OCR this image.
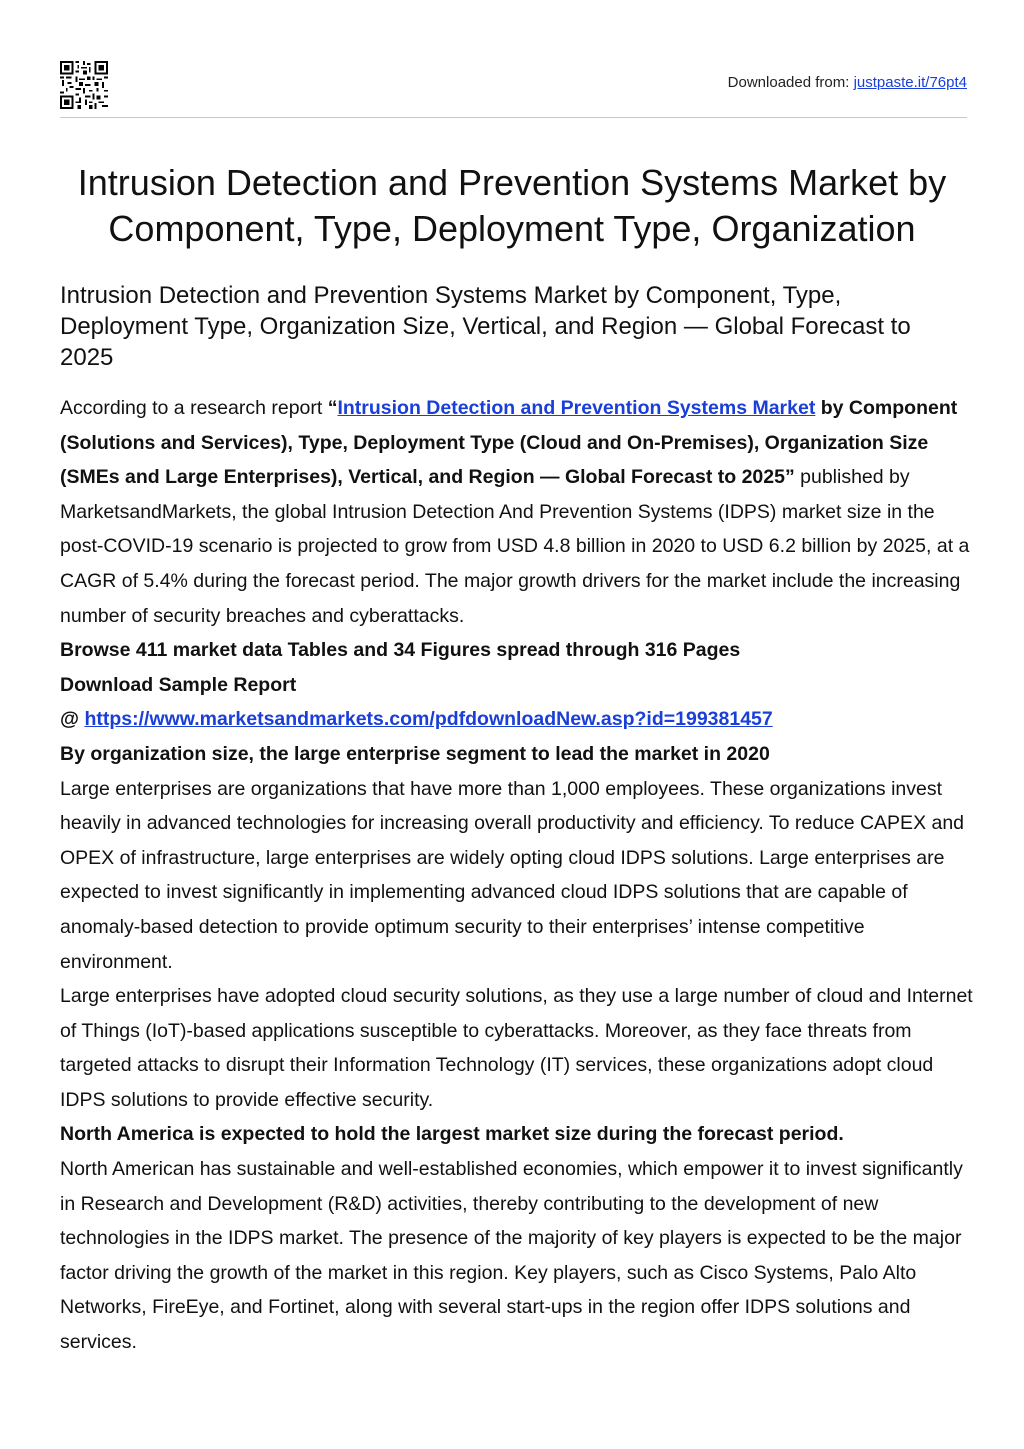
Downloaded from: justpaste.it/76pt4
Intrusion Detection and Prevention Systems Market by Component, Type, Deployment Type, Organization
Intrusion Detection and Prevention Systems Market by Component, Type, Deployment Type, Organization Size, Vertical, and Region — Global Forecast to 2025

According to a research report “Intrusion Detection and Prevention Systems Market by Component (Solutions and Services), Type, Deployment Type (Cloud and On-Premises), Organization Size (SMEs and Large Enterprises), Vertical, and Region — Global Forecast to 2025” published by MarketsandMarkets, the global Intrusion Detection And Prevention Systems (IDPS) market size in the post-COVID-19 scenario is projected to grow from USD 4.8 billion in 2020 to USD 6.2 billion by 2025, at a CAGR of 5.4% during the forecast period. The major growth drivers for the market include the increasing number of security breaches and cyberattacks.

Browse 411 market data Tables and 34 Figures spread through 316 Pages

Download Sample Report

@ https://www.marketsandmarkets.com/pdfdownloadNew.asp?id=199381457

By organization size, the large enterprise segment to lead the market in 2020

Large enterprises are organizations that have more than 1,000 employees. These organizations invest heavily in advanced technologies for increasing overall productivity and efficiency. To reduce CAPEX and OPEX of infrastructure, large enterprises are widely opting cloud IDPS solutions. Large enterprises are expected to invest significantly in implementing advanced cloud IDPS solutions that are capable of anomaly-based detection to provide optimum security to their enterprises’ intense competitive environment.

Large enterprises have adopted cloud security solutions, as they use a large number of cloud and Internet of Things (IoT)-based applications susceptible to cyberattacks. Moreover, as they face threats from targeted attacks to disrupt their Information Technology (IT) services, these organizations adopt cloud IDPS solutions to provide effective security.

North America is expected to hold the largest market size during the forecast period.

North American has sustainable and well-established economies, which empower it to invest significantly in Research and Development (R&D) activities, thereby contributing to the development of new technologies in the IDPS market. The presence of the majority of key players is expected to be the major factor driving the growth of the market in this region. Key players, such as Cisco Systems, Palo Alto Networks, FireEye, and Fortinet, along with several start-ups in the region offer IDPS solutions and services.
